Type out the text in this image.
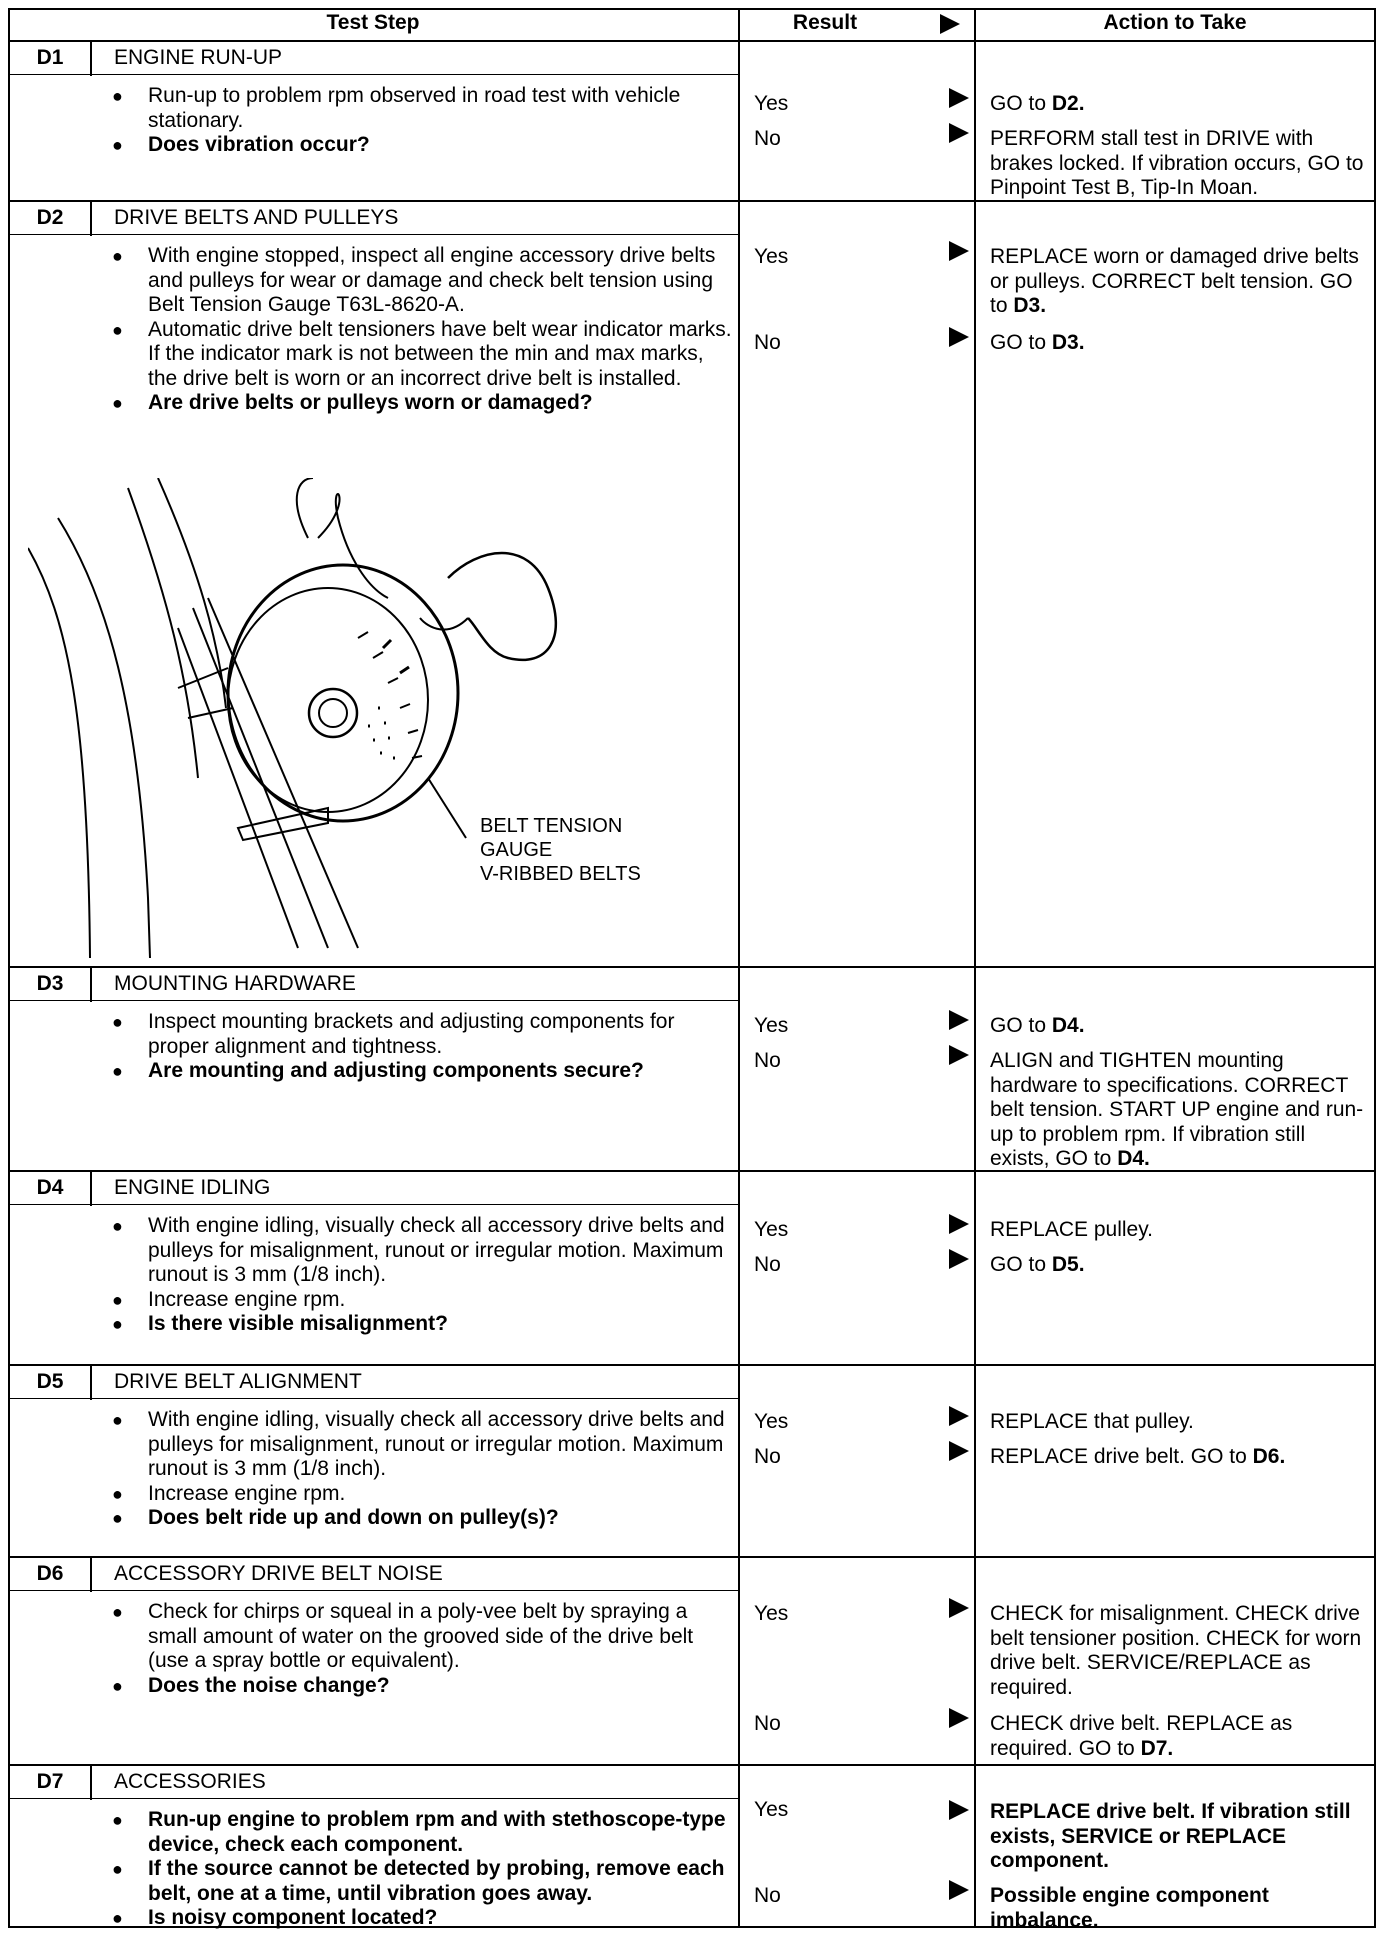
Test Step	Result	Action to Take
D1	ENGINE RUN-UP
● Run-up to problem rpm observed in road test with vehicle stationary.
● Does vibration occur?
Yes	GO to D2.
No	PERFORM stall test in DRIVE with brakes locked. If vibration occurs, GO to Pinpoint Test B, Tip-In Moan.
D2	DRIVE BELTS AND PULLEYS
● With engine stopped, inspect all engine accessory drive belts and pulleys for wear or damage and check belt tension using Belt Tension Gauge T63L-8620-A.
● Automatic drive belt tensioners have belt wear indicator marks. If the indicator mark is not between the min and max marks, the drive belt is worn or an incorrect drive belt is installed.
● Are drive belts or pulleys worn or damaged?
Yes	REPLACE worn or damaged drive belts or pulleys. CORRECT belt tension. GO to D3.
No	GO to D3.
BELT TENSION
GAUGE
V-RIBBED BELTS
D3	MOUNTING HARDWARE
● Inspect mounting brackets and adjusting components for proper alignment and tightness.
● Are mounting and adjusting components secure?
Yes	GO to D4.
No	ALIGN and TIGHTEN mounting hardware to specifications. CORRECT belt tension. START UP engine and run-up to problem rpm. If vibration still exists, GO to D4.
D4	ENGINE IDLING
● With engine idling, visually check all accessory drive belts and pulleys for misalignment, runout or irregular motion. Maximum runout is 3 mm (1/8 inch).
● Increase engine rpm.
● Is there visible misalignment?
Yes	REPLACE pulley.
No	GO to D5.
D5	DRIVE BELT ALIGNMENT
● With engine idling, visually check all accessory drive belts and pulleys for misalignment, runout or irregular motion. Maximum runout is 3 mm (1/8 inch).
● Increase engine rpm.
● Does belt ride up and down on pulley(s)?
Yes	REPLACE that pulley.
No	REPLACE drive belt. GO to D6.
D6	ACCESSORY DRIVE BELT NOISE
● Check for chirps or squeal in a poly-vee belt by spraying a small amount of water on the grooved side of the drive belt (use a spray bottle or equivalent).
● Does the noise change?
Yes	CHECK for misalignment. CHECK drive belt tensioner position. CHECK for worn drive belt. SERVICE/REPLACE as required.
No	CHECK drive belt. REPLACE as required. GO to D7.
D7	ACCESSORIES
● Run-up engine to problem rpm and with stethoscope-type device, check each component.
● If the source cannot be detected by probing, remove each belt, one at a time, until vibration goes away.
● Is noisy component located?
Yes	REPLACE drive belt. If vibration still exists, SERVICE or REPLACE component.
No	Possible engine component imbalance.
